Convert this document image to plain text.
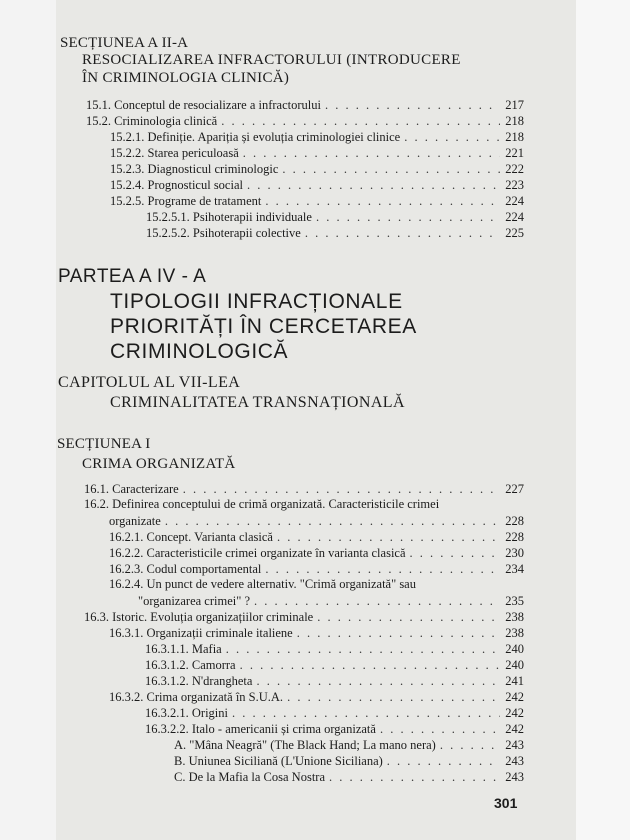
SECȚIUNEA A II-A
RESOCIALIZAREA INFRACTORULUI (INTRODUCERE
ÎN CRIMINOLOGIA CLINICĂ)
15.1. Conceptul de resocializare a infractorului . . .	217
15.2. Criminologia clinică . . .	218
15.2.1. Definiție. Apariția și evoluția criminologiei clinice . . .	218
15.2.2. Starea periculoasă . . .	221
15.2.3. Diagnosticul criminologic . . .	222
15.2.4. Prognosticul social . . .	223
15.2.5. Programe de tratament . . .	224
15.2.5.1. Psihoterapii individuale . . .	224
15.2.5.2. Psihoterapii colective . . .	225
PARTEA A IV - A
TIPOLOGII INFRACȚIONALE
PRIORITĂȚI ÎN CERCETAREA
CRIMINOLOGICĂ
CAPITOLUL AL VII-LEA
CRIMINALITATEA TRANSNAȚIONALĂ
SECȚIUNEA I
CRIMA ORGANIZATĂ
16.1. Caracterizare . . .	227
16.2. Definirea conceptului de crimă organizată. Caracteristicile crimei
organizate . . .	228
16.2.1. Concept. Varianta clasică . . .	228
16.2.2. Caracteristicile crimei organizate în varianta clasică . . .	230
16.2.3. Codul comportamental . . .	234
16.2.4. Un punct de vedere alternativ. "Crimă organizată" sau
"organizarea crimei" ? . . .	235
16.3. Istoric. Evoluția organizațiilor criminale . . .	238
16.3.1. Organizații criminale italiene . . .	238
16.3.1.1. Mafia . . .	240
16.3.1.2. Camorra . . .	240
16.3.1.2. N'drangheta . . .	241
16.3.2. Crima organizată în S.U.A. . . .	242
16.3.2.1. Origini . . .	242
16.3.2.2. Italo - americanii și crima organizată . . .	242
A. "Mâna Neagră" (The Black Hand; La mano nera) . . .	243
B. Uniunea Siciliană (L'Unione Siciliana) . . .	243
C. De la Mafia la Cosa Nostra . . .	243
301
